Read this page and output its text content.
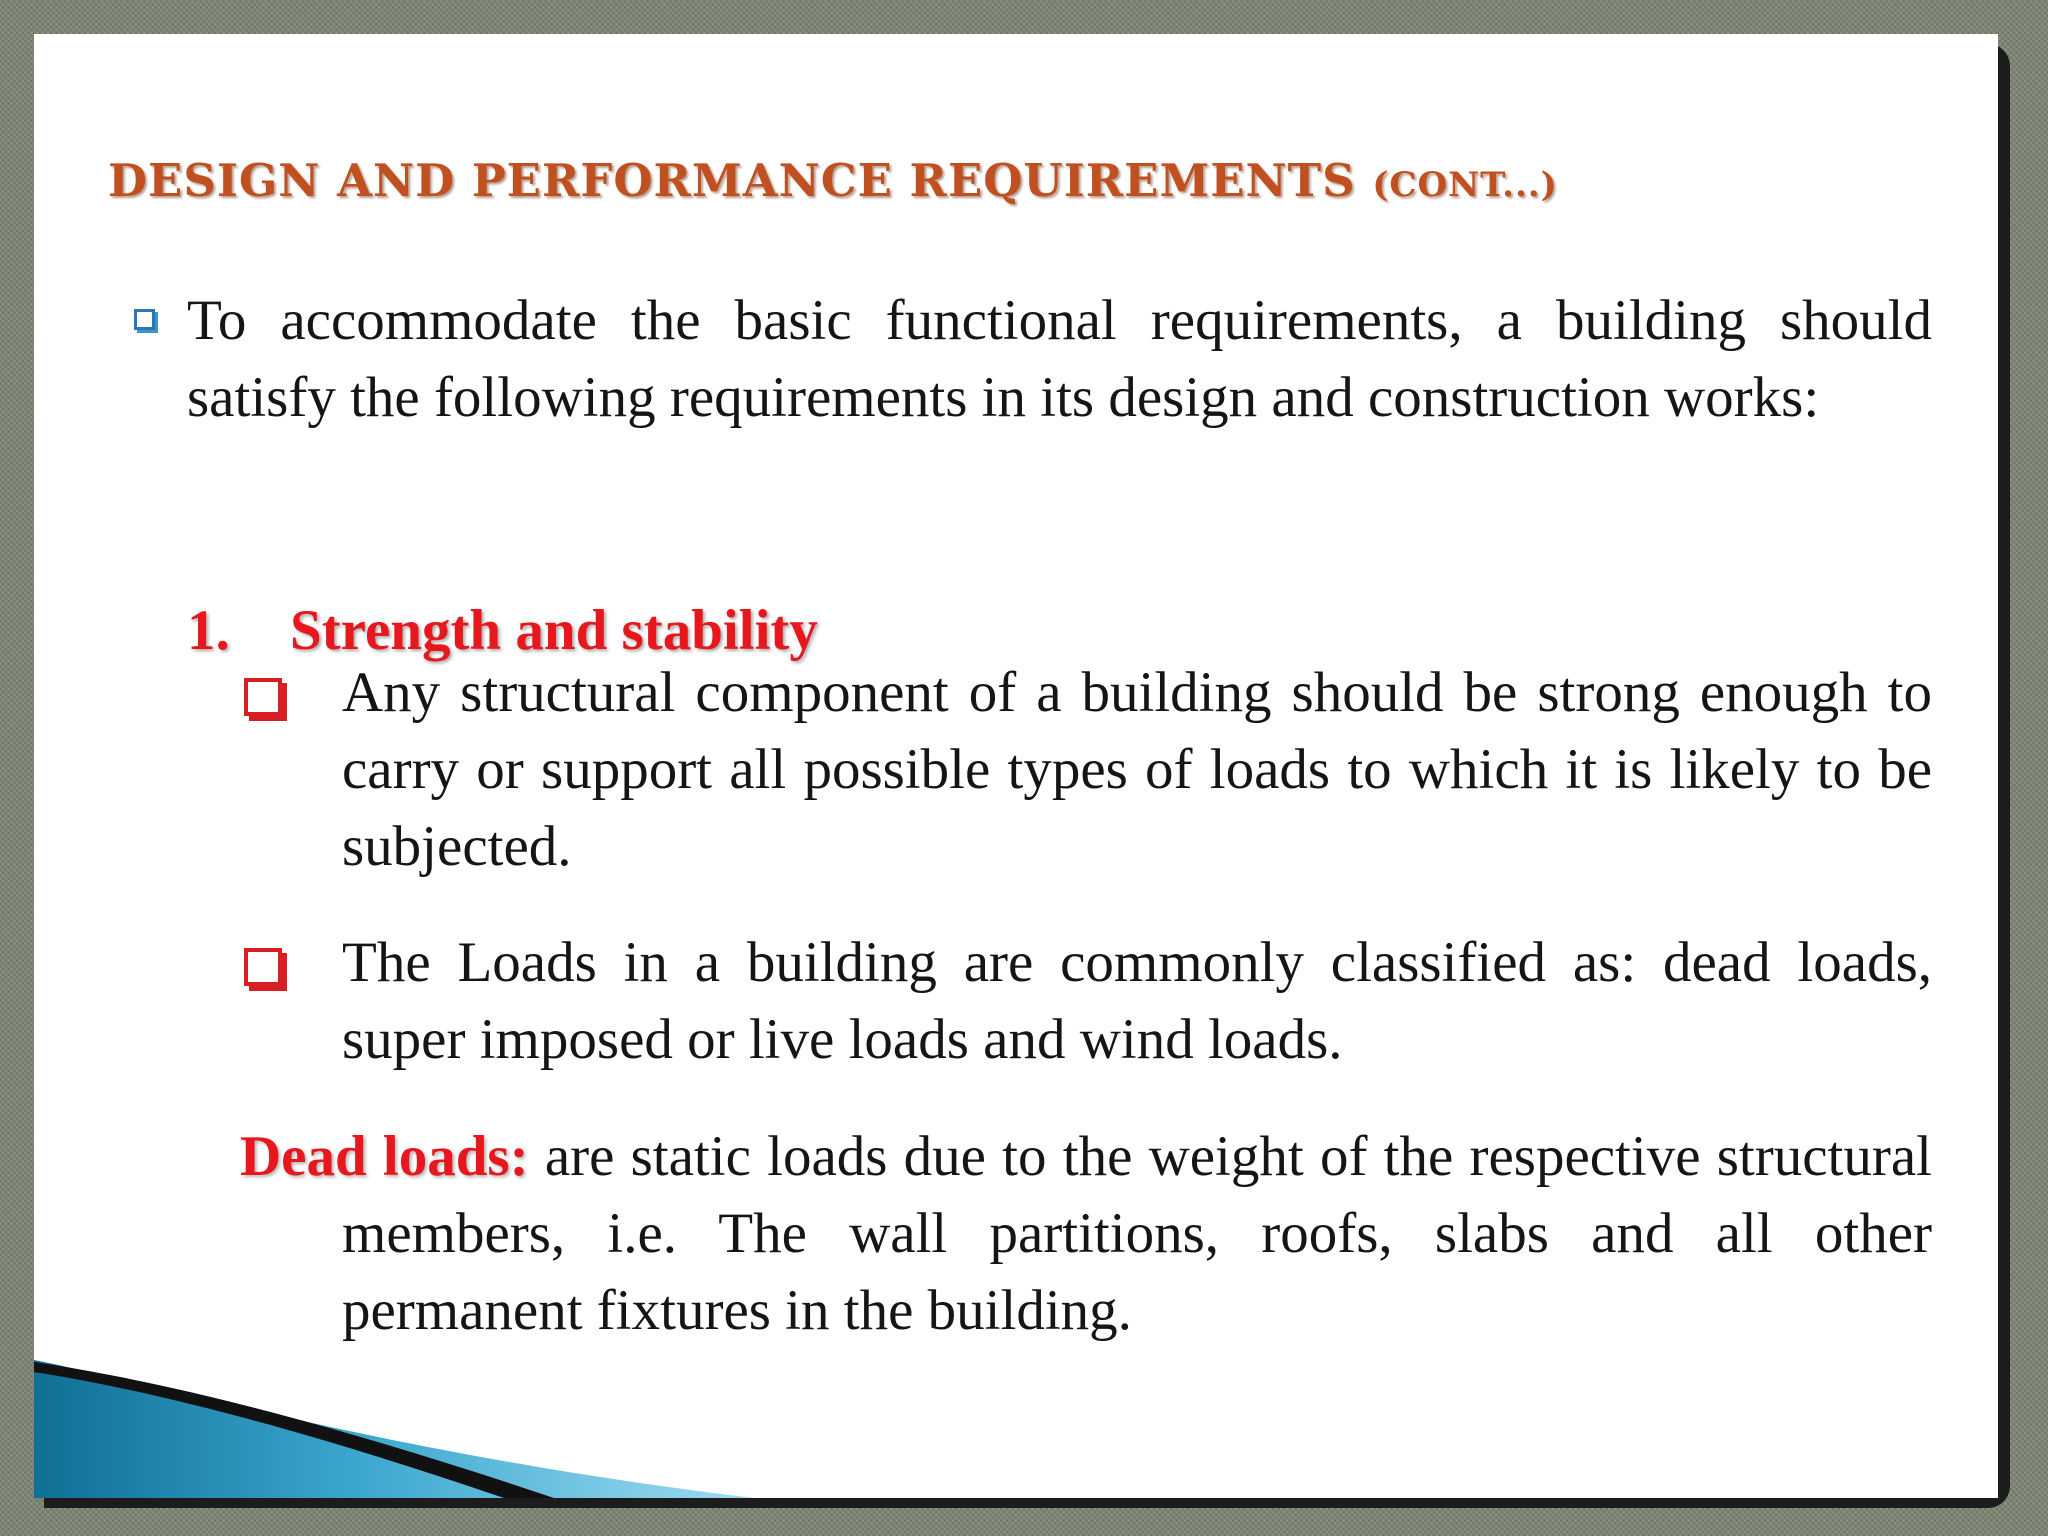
DESIGN AND PERFORMANCE REQUIREMENTS (CONT...)

To accommodate the basic functional requirements, a building should satisfy the following requirements in its design and construction works:

1. Strength and stability

Any structural component of a building should be strong enough to carry or support all possible types of loads to which it is likely to be subjected.

The Loads in a building are commonly classified as: dead loads, super imposed or live loads and wind loads.

Dead loads: are static loads due to the weight of the respective structural members, i.e. The wall partitions, roofs, slabs and all other permanent fixtures in the building.
